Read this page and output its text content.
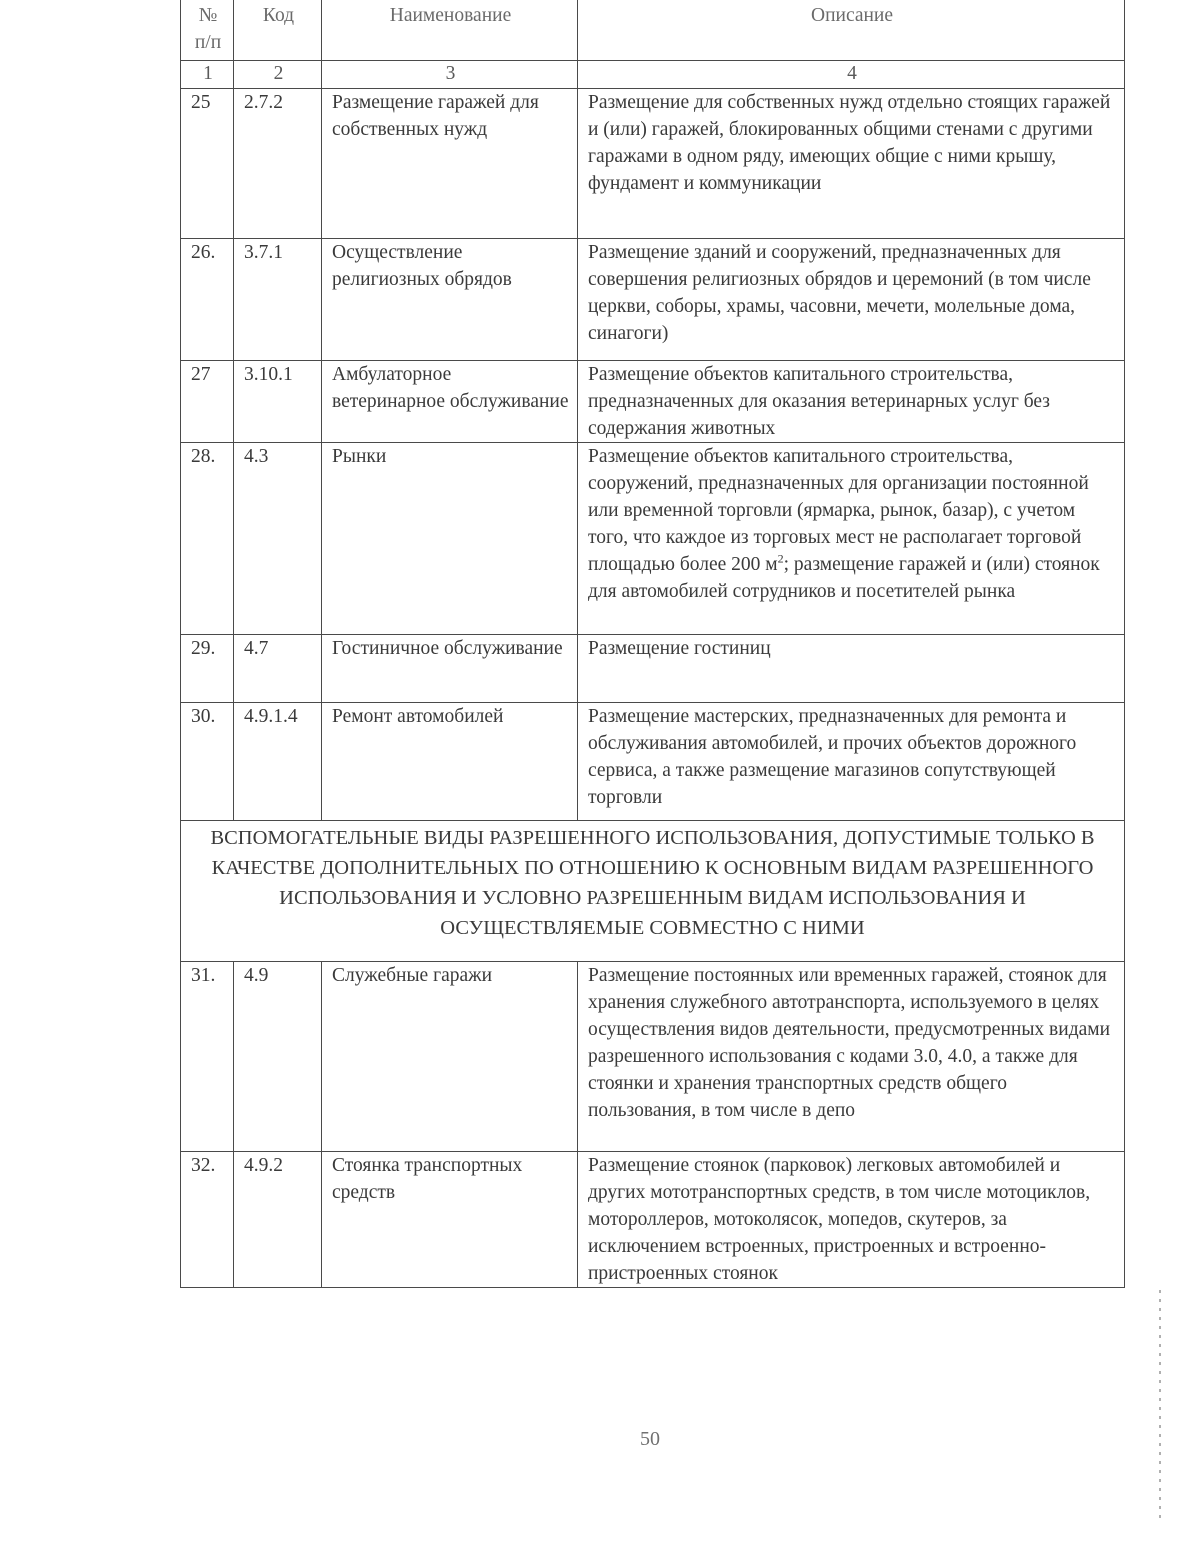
№ п/п	Код	Наименование	Описание
1	2	3	4
25	2.7.2	Размещение гаражей для собственных нужд	Размещение для собственных нужд отдельно стоящих гаражей и (или) гаражей, блокированных общими стенами с другими гаражами в одном ряду, имеющих общие с ними крышу, фундамент и коммуникации
26.	3.7.1	Осуществление религиозных обрядов	Размещение зданий и сооружений, предназначенных для совершения религиозных обрядов и церемоний (в том числе церкви, соборы, храмы, часовни, мечети, молельные дома, синагоги)
27	3.10.1	Амбулаторное ветеринарное обслуживание	Размещение объектов капитального строительства, предназначенных для оказания ветеринарных услуг без содержания животных
28.	4.3	Рынки	Размещение объектов капитального строительства, сооружений, предназначенных для организации постоянной или временной торговли (ярмарка, рынок, базар), с учетом того, что каждое из торговых мест не располагает торговой площадью более 200 $м^2$; размещение гаражей и (или) стоянок для автомобилей сотрудников и посетителей рынка
29.	4.7	Гостиничное обслуживание	Размещение гостиниц
30.	4.9.1.4	Ремонт автомобилей	Размещение мастерских, предназначенных для ремонта и обслуживания автомобилей, и прочих объектов дорожного сервиса, а также размещение магазинов сопутствующей торговли
ВСПОМОГАТЕЛЬНЫЕ ВИДЫ РАЗРЕШЕННОГО ИСПОЛЬЗОВАНИЯ, ДОПУСТИМЫЕ ТОЛЬКО В КАЧЕСТВЕ ДОПОЛНИТЕЛЬНЫХ ПО ОТНОШЕНИЮ К ОСНОВНЫМ ВИДАМ РАЗРЕШЕННОГО ИСПОЛЬЗОВАНИЯ И УСЛОВНО РАЗРЕШЕННЫМ ВИДАМ ИСПОЛЬЗОВАНИЯ И ОСУЩЕСТВЛЯЕМЫЕ СОВМЕСТНО С НИМИ			
31.	4.9	Служебные гаражи	Размещение постоянных или временных гаражей, стоянок для хранения служебного автотранспорта, используемого в целях осуществления видов деятельности, предусмотренных видами разрешенного использования с кодами 3.0, 4.0, а также для стоянки и хранения транспортных средств общего пользования, в том числе в депо
32.	4.9.2	Стоянка транспортных средств	Размещение стоянок (парковок) легковых автомобилей и других мототранспортных средств, в том числе мотоциклов, мотороллеров, мотоколясок, мопедов, скутеров, за исключением встроенных, пристроенных и встроенно-пристроенных стоянок
50
